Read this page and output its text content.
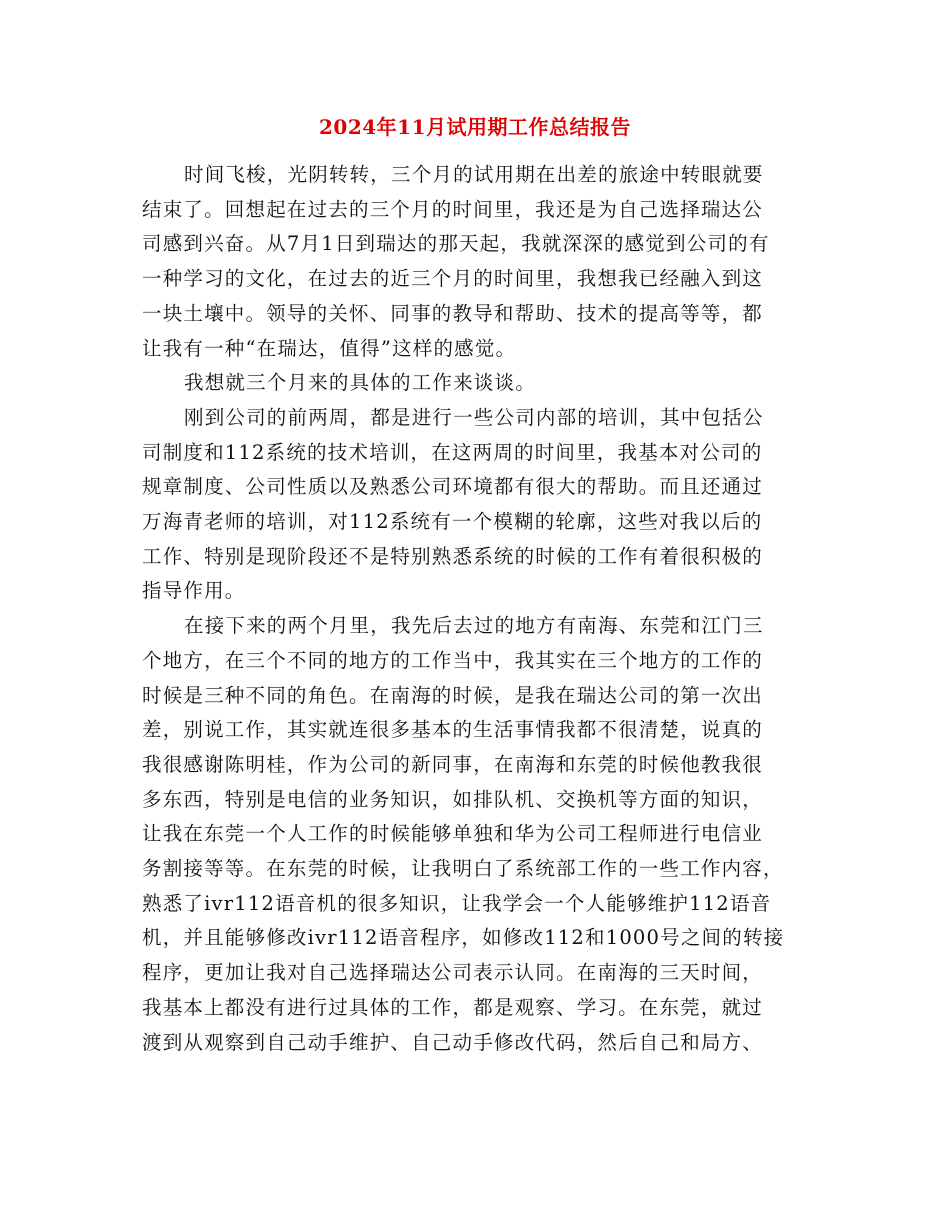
2024年11月试用期工作总结报告
时间飞梭，光阴转转，三个月的试用期在出差的旅途中转眼就要
结束了。回想起在过去的三个月的时间里，我还是为自己选择瑞达公
司感到兴奋。从7月1日到瑞达的那天起，我就深深的感觉到公司的有
一种学习的文化，在过去的近三个月的时间里，我想我已经融入到这
一块土壤中。领导的关怀、同事的教导和帮助、技术的提高等等，都
让我有一种“在瑞达，值得”这样的感觉。
我想就三个月来的具体的工作来谈谈。
刚到公司的前两周，都是进行一些公司内部的培训，其中包括公
司制度和112系统的技术培训，在这两周的时间里，我基本对公司的
规章制度、公司性质以及熟悉公司环境都有很大的帮助。而且还通过
万海青老师的培训，对112系统有一个模糊的轮廓，这些对我以后的
工作、特别是现阶段还不是特别熟悉系统的时候的工作有着很积极的
指导作用。
在接下来的两个月里，我先后去过的地方有南海、东莞和江门三
个地方，在三个不同的地方的工作当中，我其实在三个地方的工作的
时候是三种不同的角色。在南海的时候，是我在瑞达公司的第一次出
差，别说工作，其实就连很多基本的生活事情我都不很清楚，说真的
我很感谢陈明桂，作为公司的新同事，在南海和东莞的时候他教我很
多东西，特别是电信的业务知识，如排队机、交换机等方面的知识，
让我在东莞一个人工作的时候能够单独和华为公司工程师进行电信业
务割接等等。在东莞的时候，让我明白了系统部工作的一些工作内容，
熟悉了ivr112语音机的很多知识，让我学会一个人能够维护112语音
机，并且能够修改ivr112语音程序，如修改112和1000号之间的转接
程序，更加让我对自己选择瑞达公司表示认同。在南海的三天时间，
我基本上都没有进行过具体的工作，都是观察、学习。在东莞，就过
渡到从观察到自己动手维护、自己动手修改代码，然后自己和局方、
